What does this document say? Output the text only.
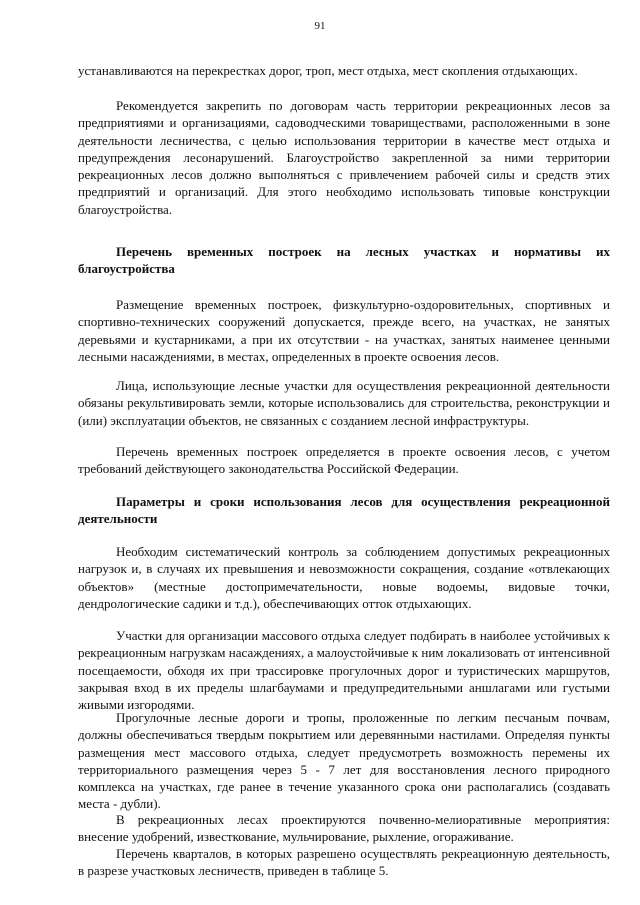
91

устанавливаются на перекрестках дорог, троп, мест отдыха, мест скопления отдыхающих.

Рекомендуется закрепить по договорам часть территории рекреационных лесов за предприятиями и организациями, садоводческими товариществами, расположенными в зоне деятельности лесничества, с целью использования территории в качестве мест отдыха и предупреждения лесонарушений. Благоустройство закрепленной за ними территории рекреационных лесов должно выполняться с привлечением рабочей силы и средств этих предприятий и организаций. Для этого необходимо использовать типовые конструкции благоустройства.

Перечень временных построек на лесных участках и нормативы их благоустройства

Размещение временных построек, физкультурно-оздоровительных, спортивных и спортивно-технических сооружений допускается, прежде всего, на участках, не занятых деревьями и кустарниками, а при их отсутствии - на участках, занятых наименее ценными лесными насаждениями, в местах, определенных в проекте освоения лесов.

Лица, использующие лесные участки для осуществления рекреационной деятельности обязаны рекультивировать земли, которые использовались для строительства, реконструкции и (или) эксплуатации объектов, не связанных с созданием лесной инфраструктуры.

Перечень временных построек определяется в проекте освоения лесов, с учетом требований действующего законодательства Российской Федерации.

Параметры и сроки использования лесов для осуществления рекреационной деятельности

Необходим систематический контроль за соблюдением допустимых рекреационных нагрузок и, в случаях их превышения и невозможности сокращения, создание «отвлекающих объектов» (местные достопримечательности, новые водоемы, видовые точки, дендрологические садики и т.д.), обеспечивающих отток отдыхающих.

Участки для организации массового отдыха следует подбирать в наиболее устойчивых к рекреационным нагрузкам насаждениях, а малоустойчивые к ним локализовать от интенсивной посещаемости, обходя их при трассировке прогулочных дорог и туристических маршрутов, закрывая вход в их пределы шлагбаумами и предупредительными аншлагами или густыми живыми изгородями.

Прогулочные лесные дороги и тропы, проложенные по легким песчаным почвам, должны обеспечиваться твердым покрытием или деревянными настилами. Определяя пункты размещения мест массового отдыха, следует предусмотреть возможность перемены их территориального размещения через 5 - 7 лет для восстановления лесного природного комплекса на участках, где ранее в течение указанного срока они располагались (создавать места - дубли).

В рекреационных лесах проектируются почвенно-мелиоративные мероприятия: внесение удобрений, известкование, мульчирование, рыхление, огораживание.

Перечень кварталов, в которых разрешено осуществлять рекреационную деятельность, в разрезе участковых лесничеств, приведен в таблице 5.
